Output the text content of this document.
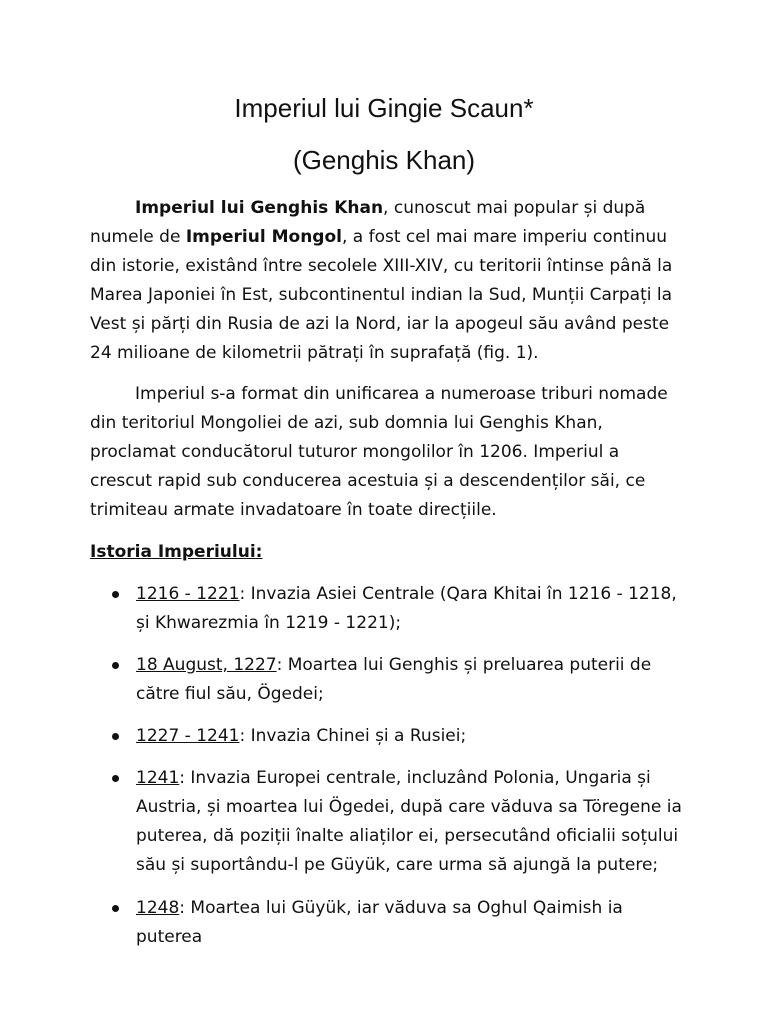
Imperiul lui Gingie Scaun*
(Genghis Khan)

Imperiul lui Genghis Khan, cunoscut mai popular și după numele de Imperiul Mongol, a fost cel mai mare imperiu continuu din istorie, existând între secolele XIII-XIV, cu teritorii întinse până la Marea Japoniei în Est, subcontinentul indian la Sud, Munții Carpați la Vest și părți din Rusia de azi la Nord, iar la apogeul său având peste 24 milioane de kilometrii pătrați în suprafață (fig. 1).

Imperiul s-a format din unificarea a numeroase triburi nomade din teritoriul Mongoliei de azi, sub domnia lui Genghis Khan, proclamat conducătorul tuturor mongolilor în 1206. Imperiul a crescut rapid sub conducerea acestuia și a descendenților săi, ce trimiteau armate invadatoare în toate direcțiile.

Istoria Imperiului:

1216 - 1221: Invazia Asiei Centrale (Qara Khitai în 1216 - 1218, și Khwarezmia în 1219 - 1221);
18 August, 1227: Moartea lui Genghis și preluarea puterii de către fiul său, Ögedei;
1227 - 1241: Invazia Chinei și a Rusiei;
1241: Invazia Europei centrale, incluzând Polonia, Ungaria și Austria, și moartea lui Ögedei, după care văduva sa Töregene ia puterea, dă poziții înalte aliaților ei, persecutând oficialii soțului său și suportându-l pe Güyük, care urma să ajungă la putere;
1248: Moartea lui Güyük, iar văduva sa Oghul Qaimish ia puterea
